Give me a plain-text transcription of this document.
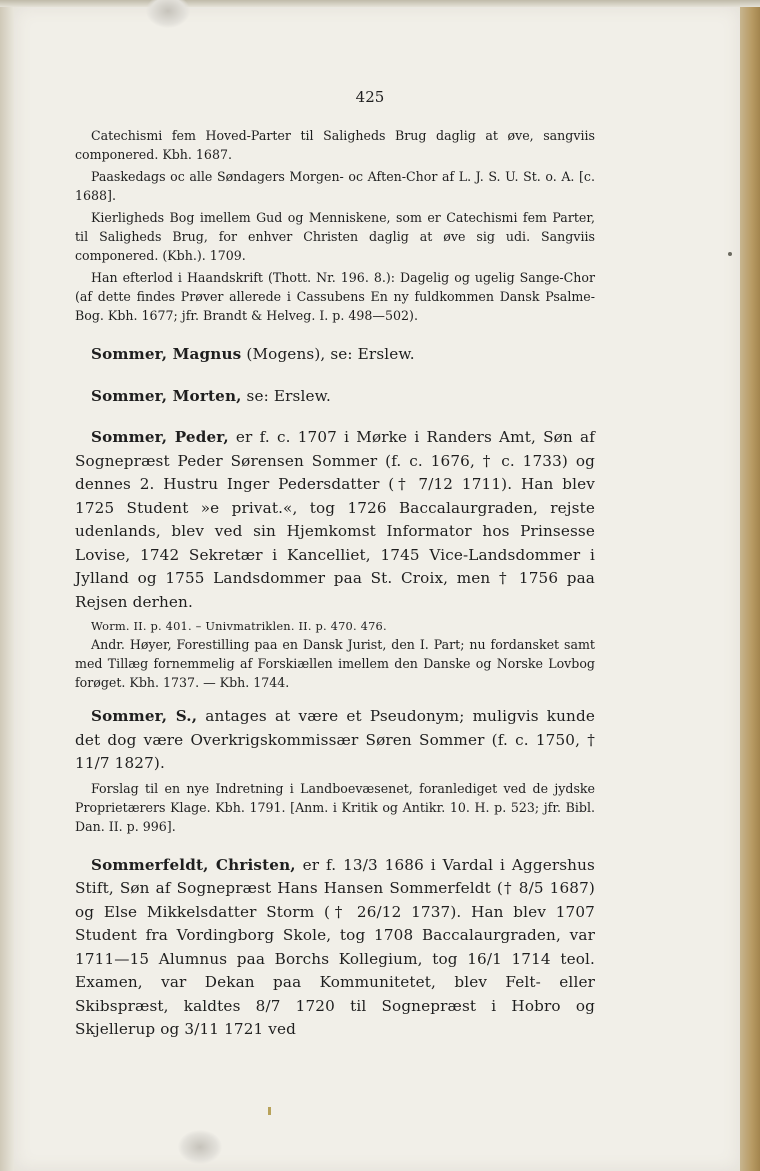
425

Catechismi fem Hoved-Parter til Saligheds Brug daglig at øve, sangviis componered. Kbh. 1687.

Paaskedags oc alle Søndagers Morgen- oc Aften-Chor af L. J. S. U. St. o. A. [c. 1688].

Kierligheds Bog imellem Gud og Menniskene, som er Catechismi fem Parter, til Saligheds Brug, for enhver Christen daglig at øve sig udi. Sangviis componered. (Kbh.). 1709.

Han efterlod i Haandskrift (Thott. Nr. 196. 8.): Dagelig og ugelig Sange-Chor (af dette findes Prøver allerede i Cassubens En ny fuldkommen Dansk Psalme-Bog. Kbh. 1677; jfr. Brandt & Helveg. I. p. 498—502).

Sommer, Magnus (Mogens), se: Erslew.

Sommer, Morten, se: Erslew.

Sommer, Peder, er f. c. 1707 i Mørke i Randers Amt, Søn af Sognepræst Peder Sørensen Sommer (f. c. 1676, † c. 1733) og dennes 2. Hustru Inger Pedersdatter († 7/12 1711). Han blev 1725 Student »e privat.«, tog 1726 Baccalaurgraden, rejste udenlands, blev ved sin Hjemkomst Informator hos Prinsesse Lovise, 1742 Sekretær i Kancelliet, 1745 Vice-Landsdommer i Jylland og 1755 Landsdommer paa St. Croix, men † 1756 paa Rejsen derhen.

Worm. II. p. 401. – Univmatriklen. II. p. 470. 476.

Andr. Høyer, Forestilling paa en Dansk Jurist, den I. Part; nu fordansket samt med Tillæg fornemmelig af Forskiællen imellem den Danske og Norske Lovbog forøget. Kbh. 1737. — Kbh. 1744.

Sommer, S., antages at være et Pseudonym; muligvis kunde det dog være Overkrigskommissær Søren Sommer (f. c. 1750, † 11/7 1827).

Forslag til en nye Indretning i Landboevæsenet, foranlediget ved de jydske Proprietærers Klage. Kbh. 1791. [Anm. i Kritik og Antikr. 10. H. p. 523; jfr. Bibl. Dan. II. p. 996].

Sommerfeldt, Christen, er f. 13/3 1686 i Vardal i Aggershus Stift, Søn af Sognepræst Hans Hansen Sommerfeldt († 8/5 1687) og Else Mikkelsdatter Storm († 26/12 1737). Han blev 1707 Student fra Vordingborg Skole, tog 1708 Baccalaurgraden, var 1711—15 Alumnus paa Borchs Kollegium, tog 16/1 1714 teol. Examen, var Dekan paa Kommunitetet, blev Felt- eller Skibspræst, kaldtes 8/7 1720 til Sognepræst i Hobro og Skjellerup og 3/11 1721 ved
